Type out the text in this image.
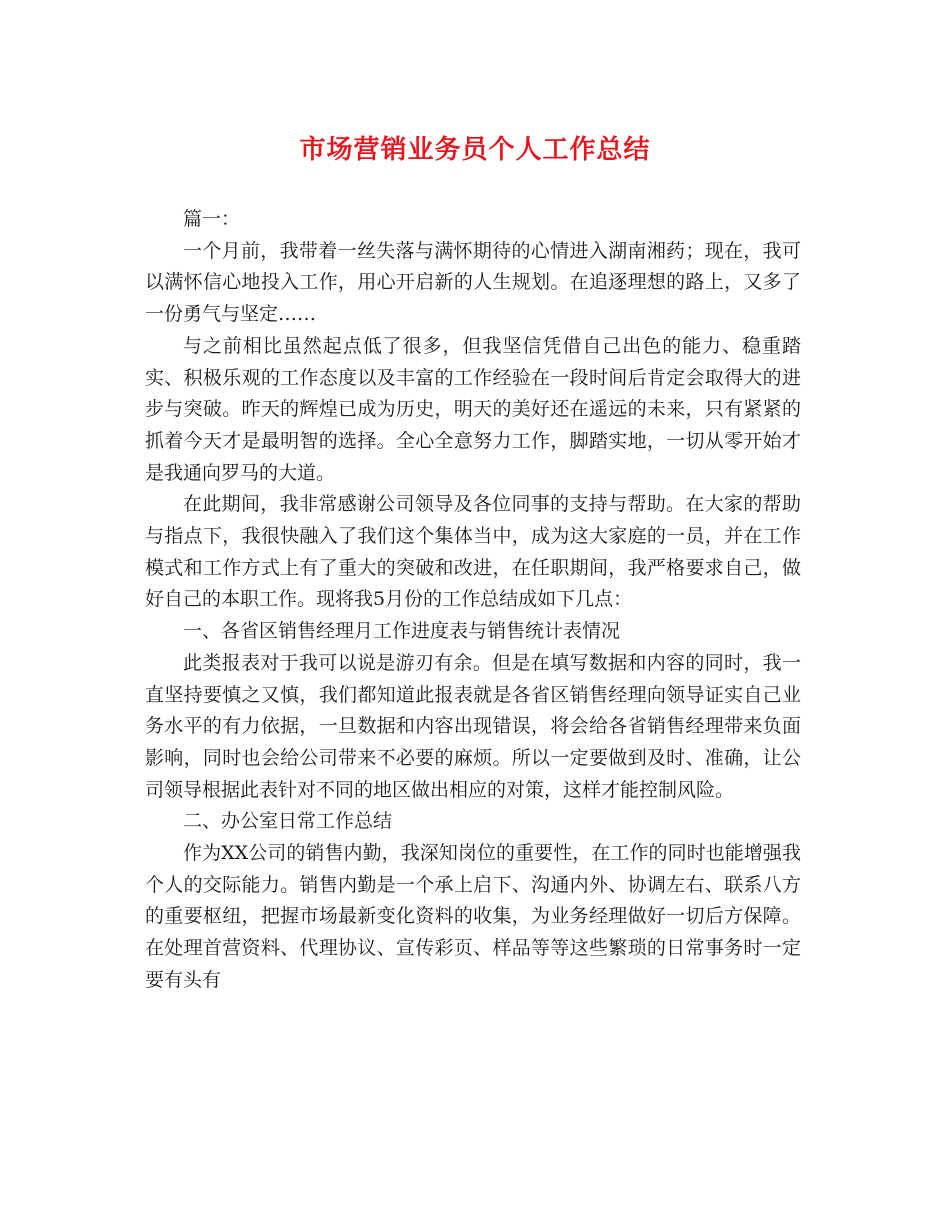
市场营销业务员个人工作总结

篇一：

一个月前，我带着一丝失落与满怀期待的心情进入湖南湘药；现在，我可以满怀信心地投入工作，用心开启新的人生规划。在追逐理想的路上，又多了一份勇气与坚定……

与之前相比虽然起点低了很多，但我坚信凭借自己出色的能力、稳重踏实、积极乐观的工作态度以及丰富的工作经验在一段时间后肯定会取得大的进步与突破。昨天的辉煌已成为历史，明天的美好还在遥远的未来，只有紧紧的抓着今天才是最明智的选择。全心全意努力工作，脚踏实地，一切从零开始才是我通向罗马的大道。

在此期间，我非常感谢公司领导及各位同事的支持与帮助。在大家的帮助与指点下，我很快融入了我们这个集体当中，成为这大家庭的一员，并在工作模式和工作方式上有了重大的突破和改进，在任职期间，我严格要求自己，做好自己的本职工作。现将我5月份的工作总结成如下几点：

一、各省区销售经理月工作进度表与销售统计表情况

此类报表对于我可以说是游刃有余。但是在填写数据和内容的同时，我一直坚持要慎之又慎，我们都知道此报表就是各省区销售经理向领导证实自己业务水平的有力依据，一旦数据和内容出现错误，将会给各省销售经理带来负面影响，同时也会给公司带来不必要的麻烦。所以一定要做到及时、准确，让公司领导根据此表针对不同的地区做出相应的对策，这样才能控制风险。

二、办公室日常工作总结

作为XX公司的销售内勤，我深知岗位的重要性，在工作的同时也能增强我个人的交际能力。销售内勤是一个承上启下、沟通内外、协调左右、联系八方的重要枢纽，把握市场最新变化资料的收集，为业务经理做好一切后方保障。在处理首营资料、代理协议、宣传彩页、样品等等这些繁琐的日常事务时一定要有头有
